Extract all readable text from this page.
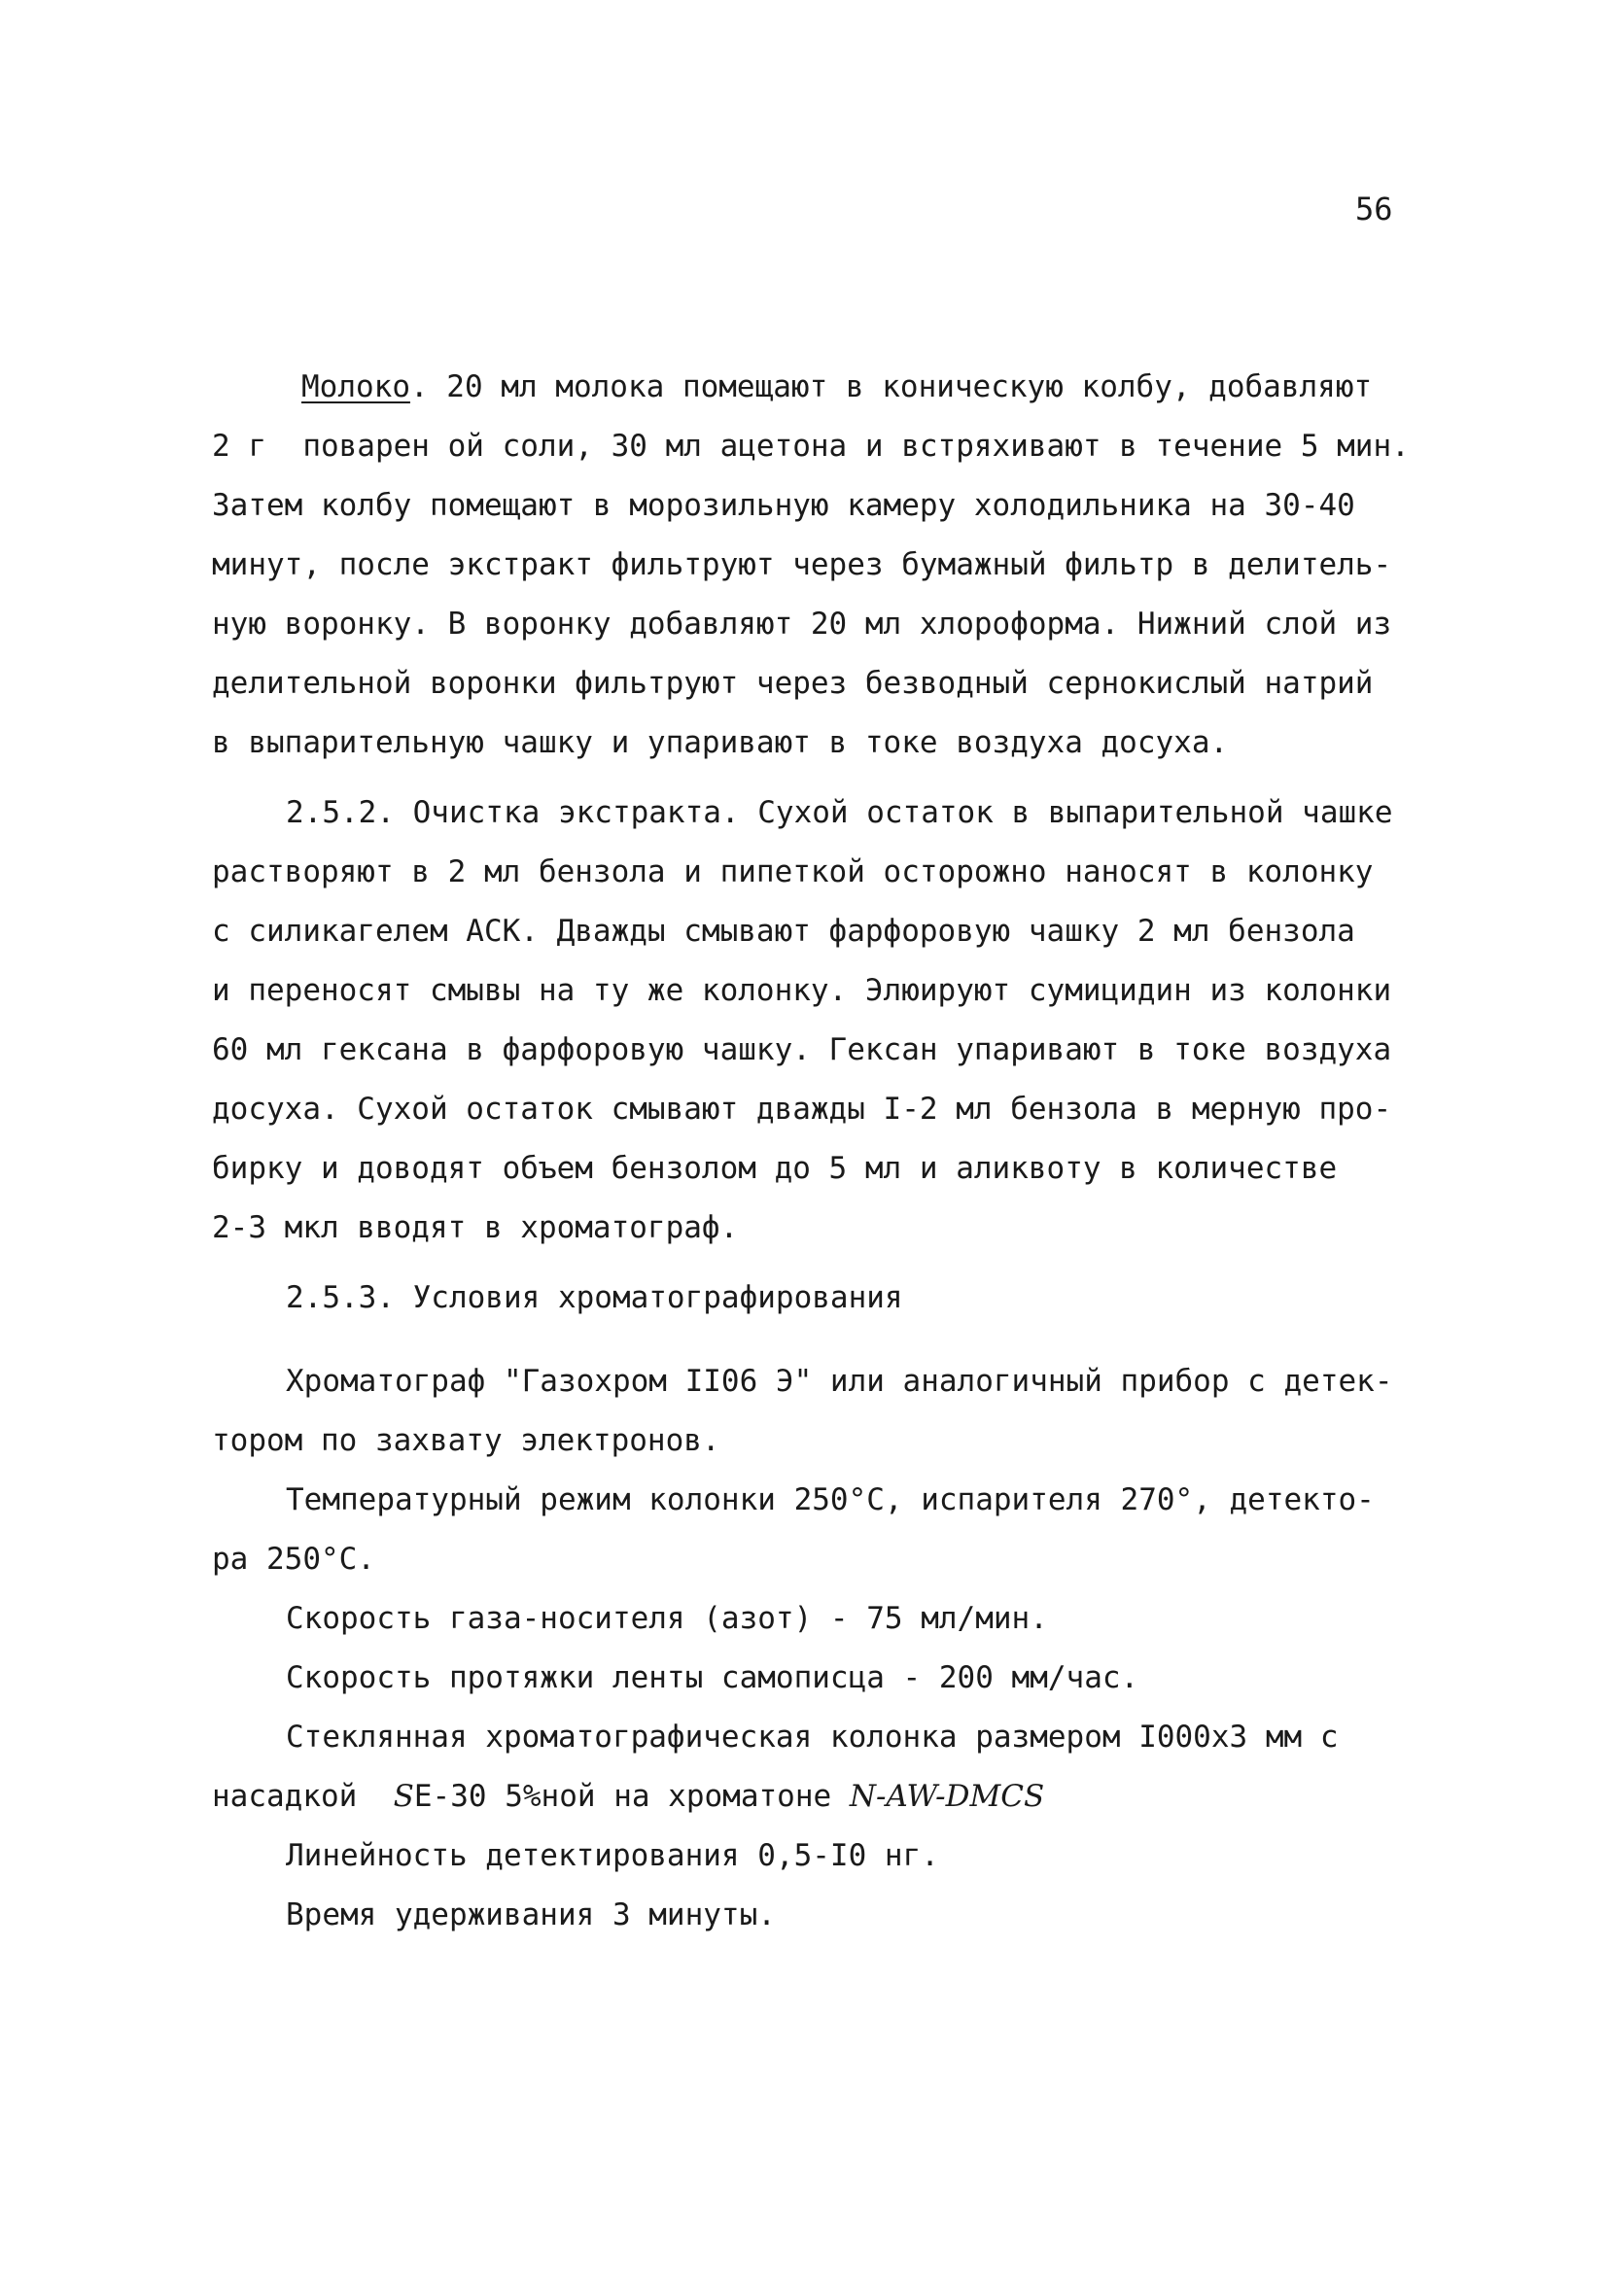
56
Молоко. 20 мл молока помещают в коническую колбу, добавляют
2 г  поварен ой соли, 30 мл ацетона и встряхивают в течение 5 мин.
Затем колбу помещают в морозильную камеру холодильника на 30-40
минут, после экстракт фильтруют через бумажный фильтр в делитель-
ную воронку. В воронку добавляют 20 мл хлороформа. Нижний слой из
делительной воронки фильтруют через безводный сернокислый натрий
в выпарительную чашку и упаривают в токе воздуха досуха.
2.5.2. Очистка экстракта. Сухой остаток в выпарительной чашке
растворяют в 2 мл бензола и пипеткой осторожно наносят в колонку
с силикагелем АСК. Дважды смывают фарфоровую чашку 2 мл бензола
и переносят смывы на ту же колонку. Элюируют сумицидин из колонки
60 мл гексана в фарфоровую чашку. Гексан упаривают в токе воздуха
досуха. Сухой остаток смывают дважды I-2 мл бензола в мерную про-
бирку и доводят объем бензолом до 5 мл и аликвоту в количестве
2-3 мкл вводят в хроматограф.
2.5.3. Условия хроматографирования
Хроматограф "Газохром II06 Э" или аналогичный прибор с детек-
тором по захвату электронов.
Температурный режим колонки 250°С, испарителя 270°, детекто-
ра 250°С.
Скорость газа-носителя (азот) - 75 мл/мин.
Скорость протяжки ленты самописца - 200 мм/час.
Стеклянная хроматографическая колонка размером I000х3 мм с
насадкой SЕ-30 5%ной на хроматоне N-AW-DMCS
Линейность детектирования 0,5-I0 нг.
Время удерживания 3 минуты.
